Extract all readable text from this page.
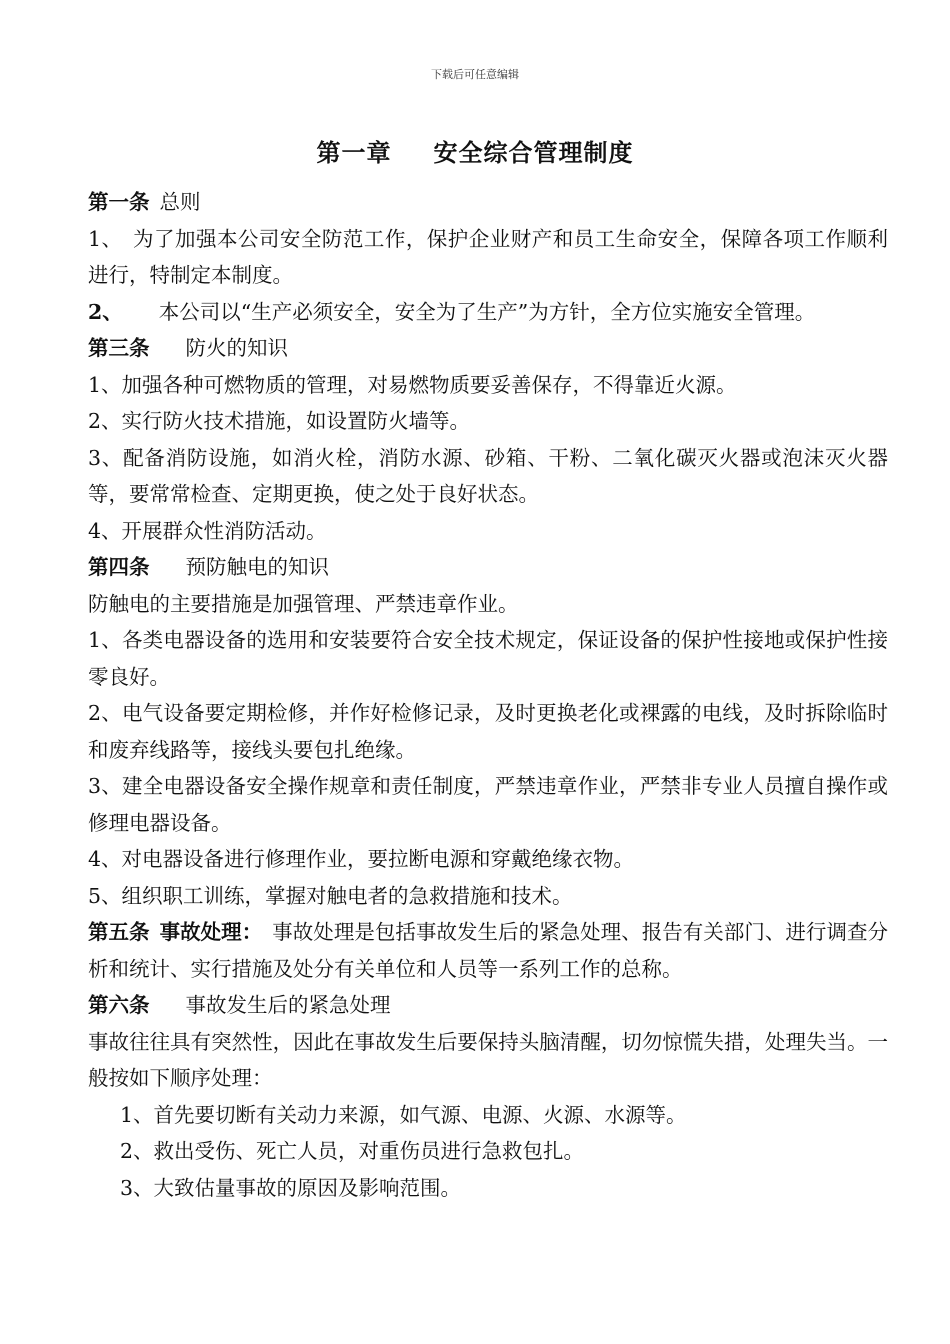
下载后可任意编辑
第一章 安全综合管理制度

第一条 总则

1、 为了加强本公司安全防范工作，保护企业财产和员工生命安全，保障各项工作顺利进行，特制定本制度。

2、 本公司以“生产必须安全，安全为了生产”为方针，全方位实施安全管理。

第三条 防火的知识

1、加强各种可燃物质的管理，对易燃物质要妥善保存，不得靠近火源。

2、实行防火技术措施，如设置防火墙等。

3、配备消防设施，如消火栓，消防水源、砂箱、干粉、二氧化碳灭火器或泡沫灭火器等，要常常检查、定期更换，使之处于良好状态。

4、开展群众性消防活动。

第四条 预防触电的知识

防触电的主要措施是加强管理、严禁违章作业。

1、各类电器设备的选用和安装要符合安全技术规定，保证设备的保护性接地或保护性接零良好。

2、电气设备要定期检修，并作好检修记录，及时更换老化或裸露的电线，及时拆除临时和废弃线路等，接线头要包扎绝缘。

3、建全电器设备安全操作规章和责任制度，严禁违章作业，严禁非专业人员擅自操作或修理电器设备。

4、对电器设备进行修理作业，要拉断电源和穿戴绝缘衣物。

5、组织职工训练，掌握对触电者的急救措施和技术。

第五条 事故处理： 事故处理是包括事故发生后的紧急处理、报告有关部门、进行调查分析和统计、实行措施及处分有关单位和人员等一系列工作的总称。

第六条 事故发生后的紧急处理

事故往往具有突然性，因此在事故发生后要保持头脑清醒，切勿惊慌失措，处理失当。一般按如下顺序处理：

1、首先要切断有关动力来源，如气源、电源、火源、水源等。

2、救出受伤、死亡人员，对重伤员进行急救包扎。

3、大致估量事故的原因及影响范围。
